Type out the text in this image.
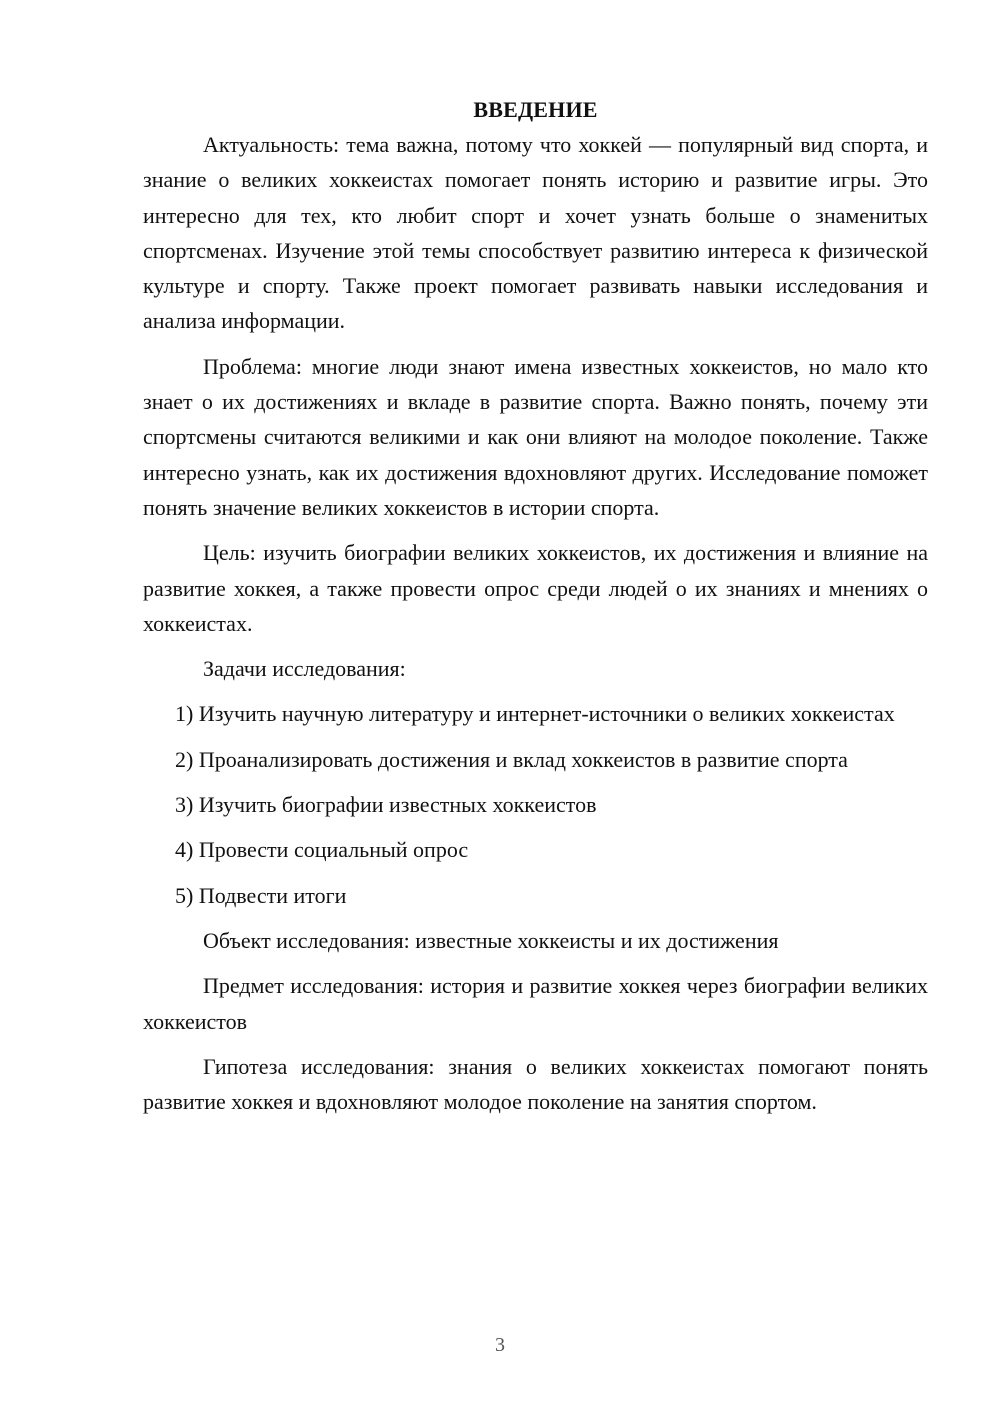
ВВЕДЕНИЕ

Актуальность: тема важна, потому что хоккей — популярный вид спорта, и знание о великих хоккеистах помогает понять историю и развитие игры. Это интересно для тех, кто любит спорт и хочет узнать больше о знаменитых спортсменах. Изучение этой темы способствует развитию интереса к физической культуре и спорту. Также проект помогает развивать навыки исследования и анализа информации.

Проблема: многие люди знают имена известных хоккеистов, но мало кто знает о их достижениях и вкладе в развитие спорта. Важно понять, почему эти спортсмены считаются великими и как они влияют на молодое поколение. Также интересно узнать, как их достижения вдохновляют других. Исследование поможет понять значение великих хоккеистов в истории спорта.

Цель: изучить биографии великих хоккеистов, их достижения и влияние на развитие хоккея, а также провести опрос среди людей о их знаниях и мнениях о хоккеистах.

Задачи исследования:

1) Изучить научную литературу и интернет-источники о великих хоккеистах

2) Проанализировать достижения и вклад хоккеистов в развитие спорта

3) Изучить биографии известных хоккеистов

4) Провести социальный опрос

5) Подвести итоги

Объект исследования: известные хоккеисты и их достижения

Предмет исследования: история и развитие хоккея через биографии великих хоккеистов

Гипотеза исследования: знания о великих хоккеистах помогают понять развитие хоккея и вдохновляют молодое поколение на занятия спортом.

3
